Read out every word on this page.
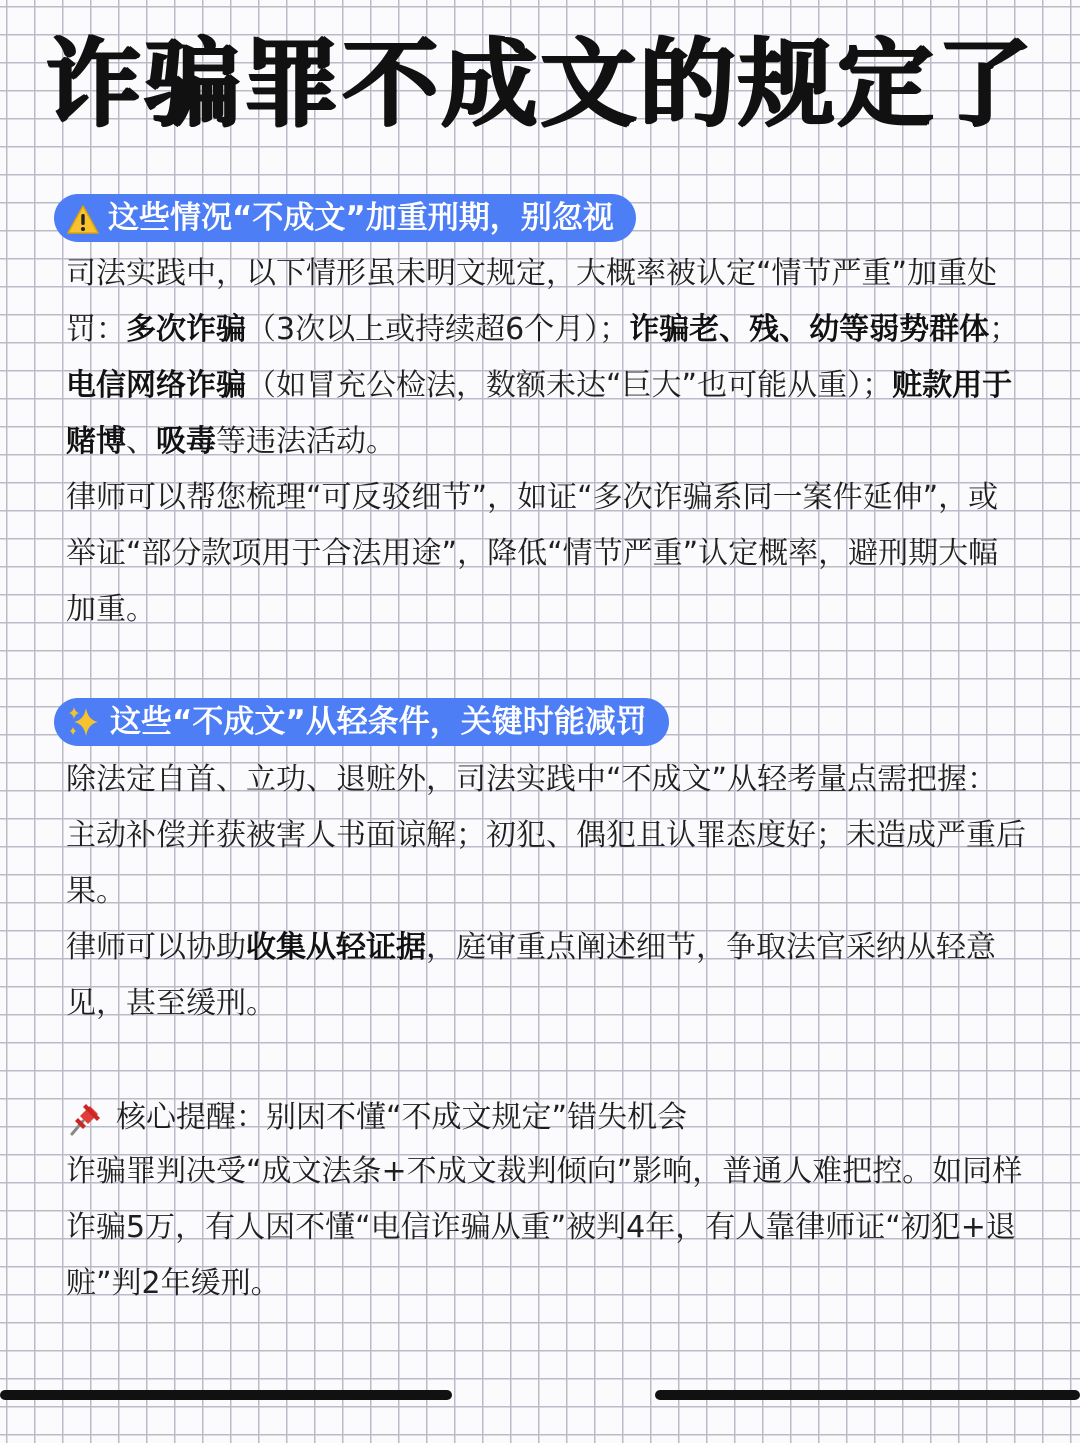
诈骗罪不成文的规定了
这些情况“不成文”加重刑期，别忽视

司法实践中，以下情形虽未明文规定，大概率被认定“情节严重”加重处罚：多次诈骗（3次以上或持续超6个月）；诈骗老、残、幼等弱势群体；电信网络诈骗（如冒充公检法，数额未达“巨大”也可能从重）；赃款用于赌博、吸毒等违法活动。

律师可以帮您梳理“可反驳细节”，如证“多次诈骗系同一案件延伸”，或举证“部分款项用于合法用途”，降低“情节严重”认定概率，避刑期大幅加重。

这些“不成文”从轻条件，关键时能减罚

除法定自首、立功、退赃外，司法实践中“不成文”从轻考量点需把握：主动补偿并获被害人书面谅解；初犯、偶犯且认罪态度好；未造成严重后果。

律师可以协助收集从轻证据，庭审重点阐述细节，争取法官采纳从轻意见，甚至缓刑。

核心提醒：别因不懂“不成文规定”错失机会

诈骗罪判决受“成文法条+不成文裁判倾向”影响，普通人难把控。如同样诈骗5万，有人因不懂“电信诈骗从重”被判4年，有人靠律师证“初犯+退赃”判2年缓刑。
